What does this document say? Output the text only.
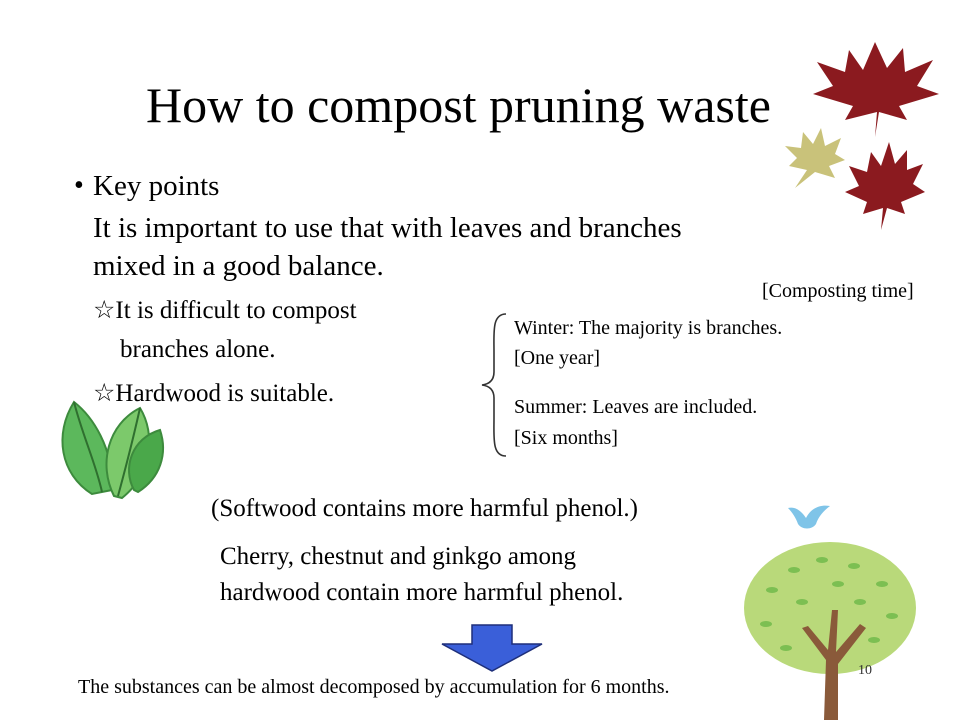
How to compost pruning waste
• Key points
It is important to use that with leaves and branches
mixed in a good balance.
☆It is difficult to compost
branches alone.
☆Hardwood is suitable.
[Composting time]
Winter: The majority is branches.
[One year]
Summer: Leaves are included.
[Six months]
(Softwood contains more harmful phenol.)
Cherry, chestnut and ginkgo among
hardwood contain more harmful phenol.
The substances can be almost decomposed by accumulation for 6 months.
10
